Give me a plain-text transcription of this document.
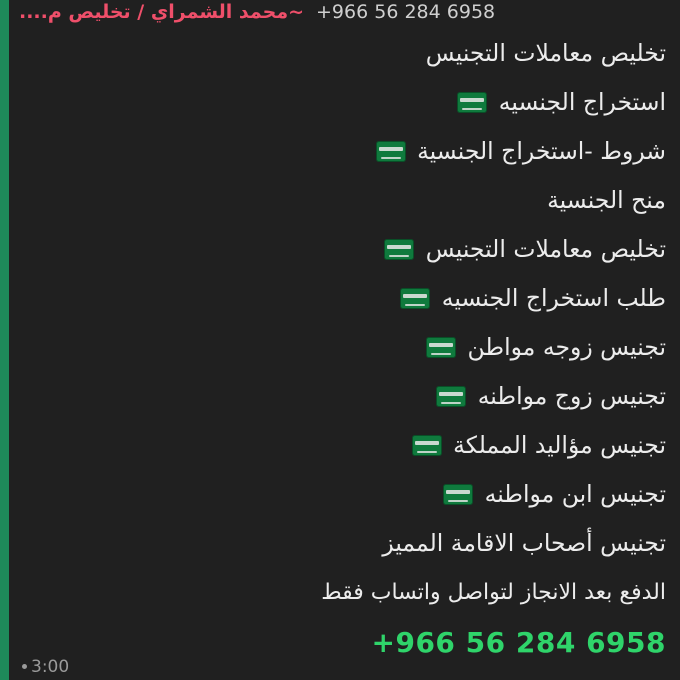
~محمد الشمراي / تخليص م.... +966 56 284 6958
تخليص معاملات التجنيس
استخراج الجنسيه
شروط -استخراج الجنسية
منح الجنسية
تخليص معاملات التجنيس
طلب استخراج الجنسيه
تجنيس زوجه مواطن
تجنيس زوج مواطنه
تجنيس مؤاليد المملكة
تجنيس ابن مواطنه
تجنيس أصحاب الاقامة المميز
الدفع بعد الانجاز لتواصل واتساب فقط
+966 56 284 6958
3:00
